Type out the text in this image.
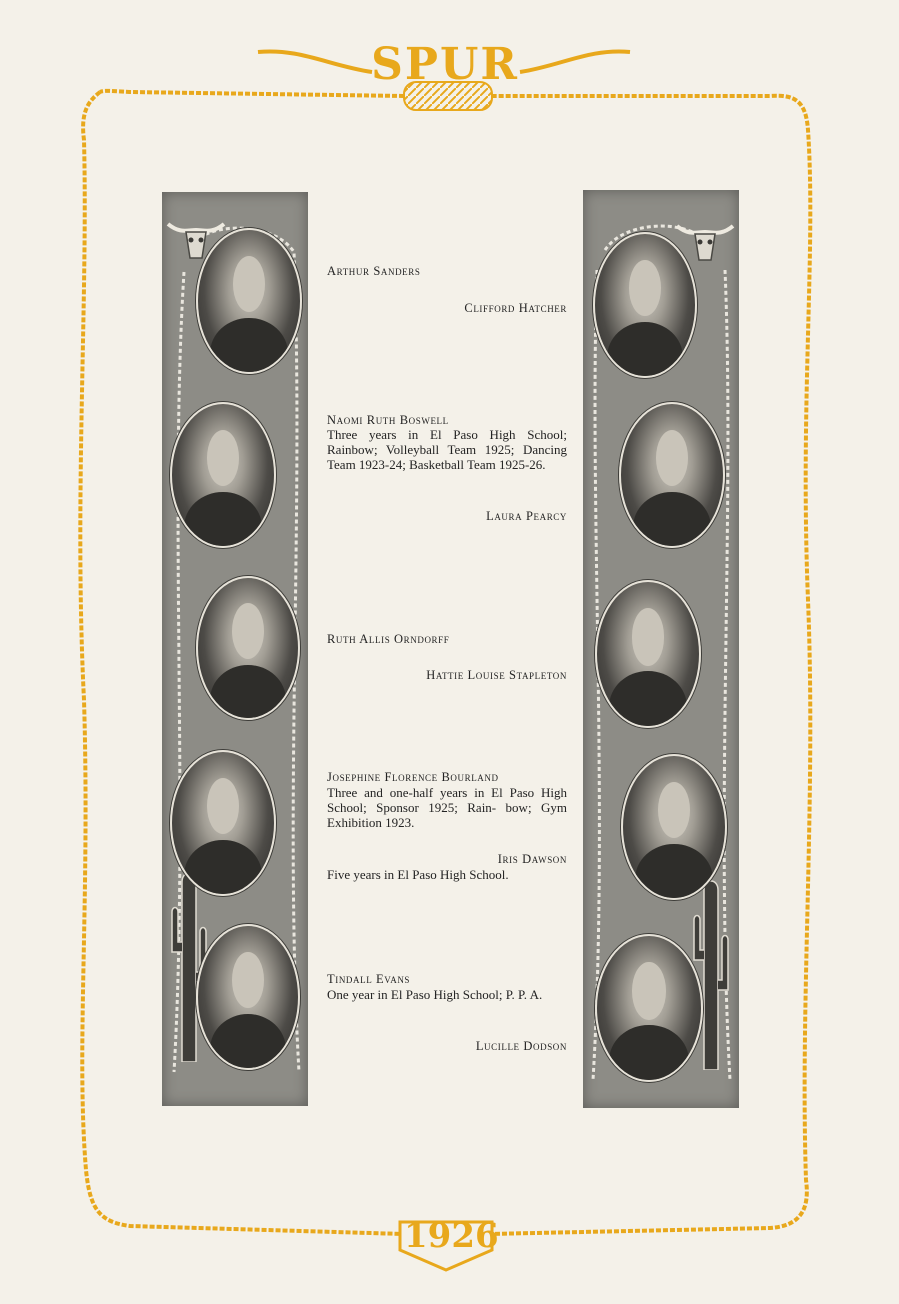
SPUR
1926
Arthur Sanders
Clifford Hatcher
Naomi Ruth Boswell
Three years in El Paso High School; Rainbow; Volleyball Team 1925; Dancing Team 1923-24; Basketball Team 1925-26.
Laura Pearcy
Ruth Allis Orndorff
Hattie Louise Stapleton
Josephine Florence Bourland
Three and one-half years in El Paso High School; Sponsor 1925; Rain- bow; Gym Exhibition 1923.
Iris Dawson
Five years in El Paso High School.
Tindall Evans
One year in El Paso High School; P. P. A.
Lucille Dodson
